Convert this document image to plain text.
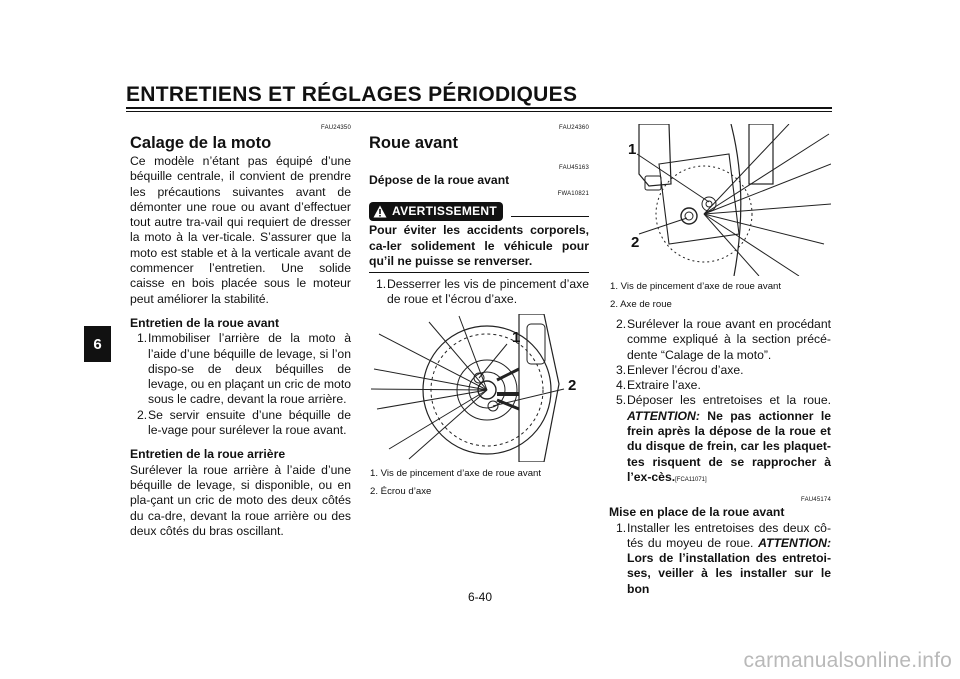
ENTRETIENS ET RÉGLAGES PÉRIODIQUES
6
FAU24350
Calage de la moto
Ce modèle n’étant pas équipé d’une béquille centrale, il convient de prendre les précautions suivantes avant de démonter une roue ou avant d’effectuer tout autre tra-vail qui requiert de dresser la moto à la ver-ticale. S’assurer que la moto est stable et à la verticale avant de commencer l’entretien. Une solide caisse en bois placée sous le moteur peut améliorer la stabilité.
Entretien de la roue avant
1. Immobiliser l’arrière de la moto à l’aide d’une béquille de levage, si l’on dispo-se de deux béquilles de levage, ou en plaçant un cric de moto sous le cadre, devant la roue arrière.
2. Se servir ensuite d’une béquille de le-vage pour surélever la roue avant.
Entretien de la roue arrière
Surélever la roue arrière à l’aide d’une béquille de levage, si disponible, ou en pla-çant un cric de moto des deux côtés du ca-dre, devant la roue arrière ou des deux côtés du bras oscillant.
FAU24360
Roue avant
FAU45163
Dépose de la roue avant
FWA10821
AVERTISSEMENT
Pour éviter les accidents corporels, ca-ler solidement le véhicule pour qu’il ne puisse se renverser.
1. Desserrer les vis de pincement d’axe de roue et l’écrou d’axe.
1
2
1. Vis de pincement d’axe de roue avant
2. Écrou d’axe
1
2
1. Vis de pincement d’axe de roue avant
2. Axe de roue
2. Surélever la roue avant en procédant comme expliqué à la section précé-dente “Calage de la moto”.
3. Enlever l’écrou d’axe.
4. Extraire l’axe.
5. Déposer les entretoises et la roue. ATTENTION: Ne pas actionner le frein après la dépose de la roue et du disque de frein, car les plaquet-tes risquent de se rapprocher à l’ex-cès.[FCA11071]
FAU45174
Mise en place de la roue avant
1. Installer les entretoises des deux cô-tés du moyeu de roue. ATTENTION: Lors de l’installation des entretoi-ses, veiller à les installer sur le bon
6-40
carmanualsonline.info
